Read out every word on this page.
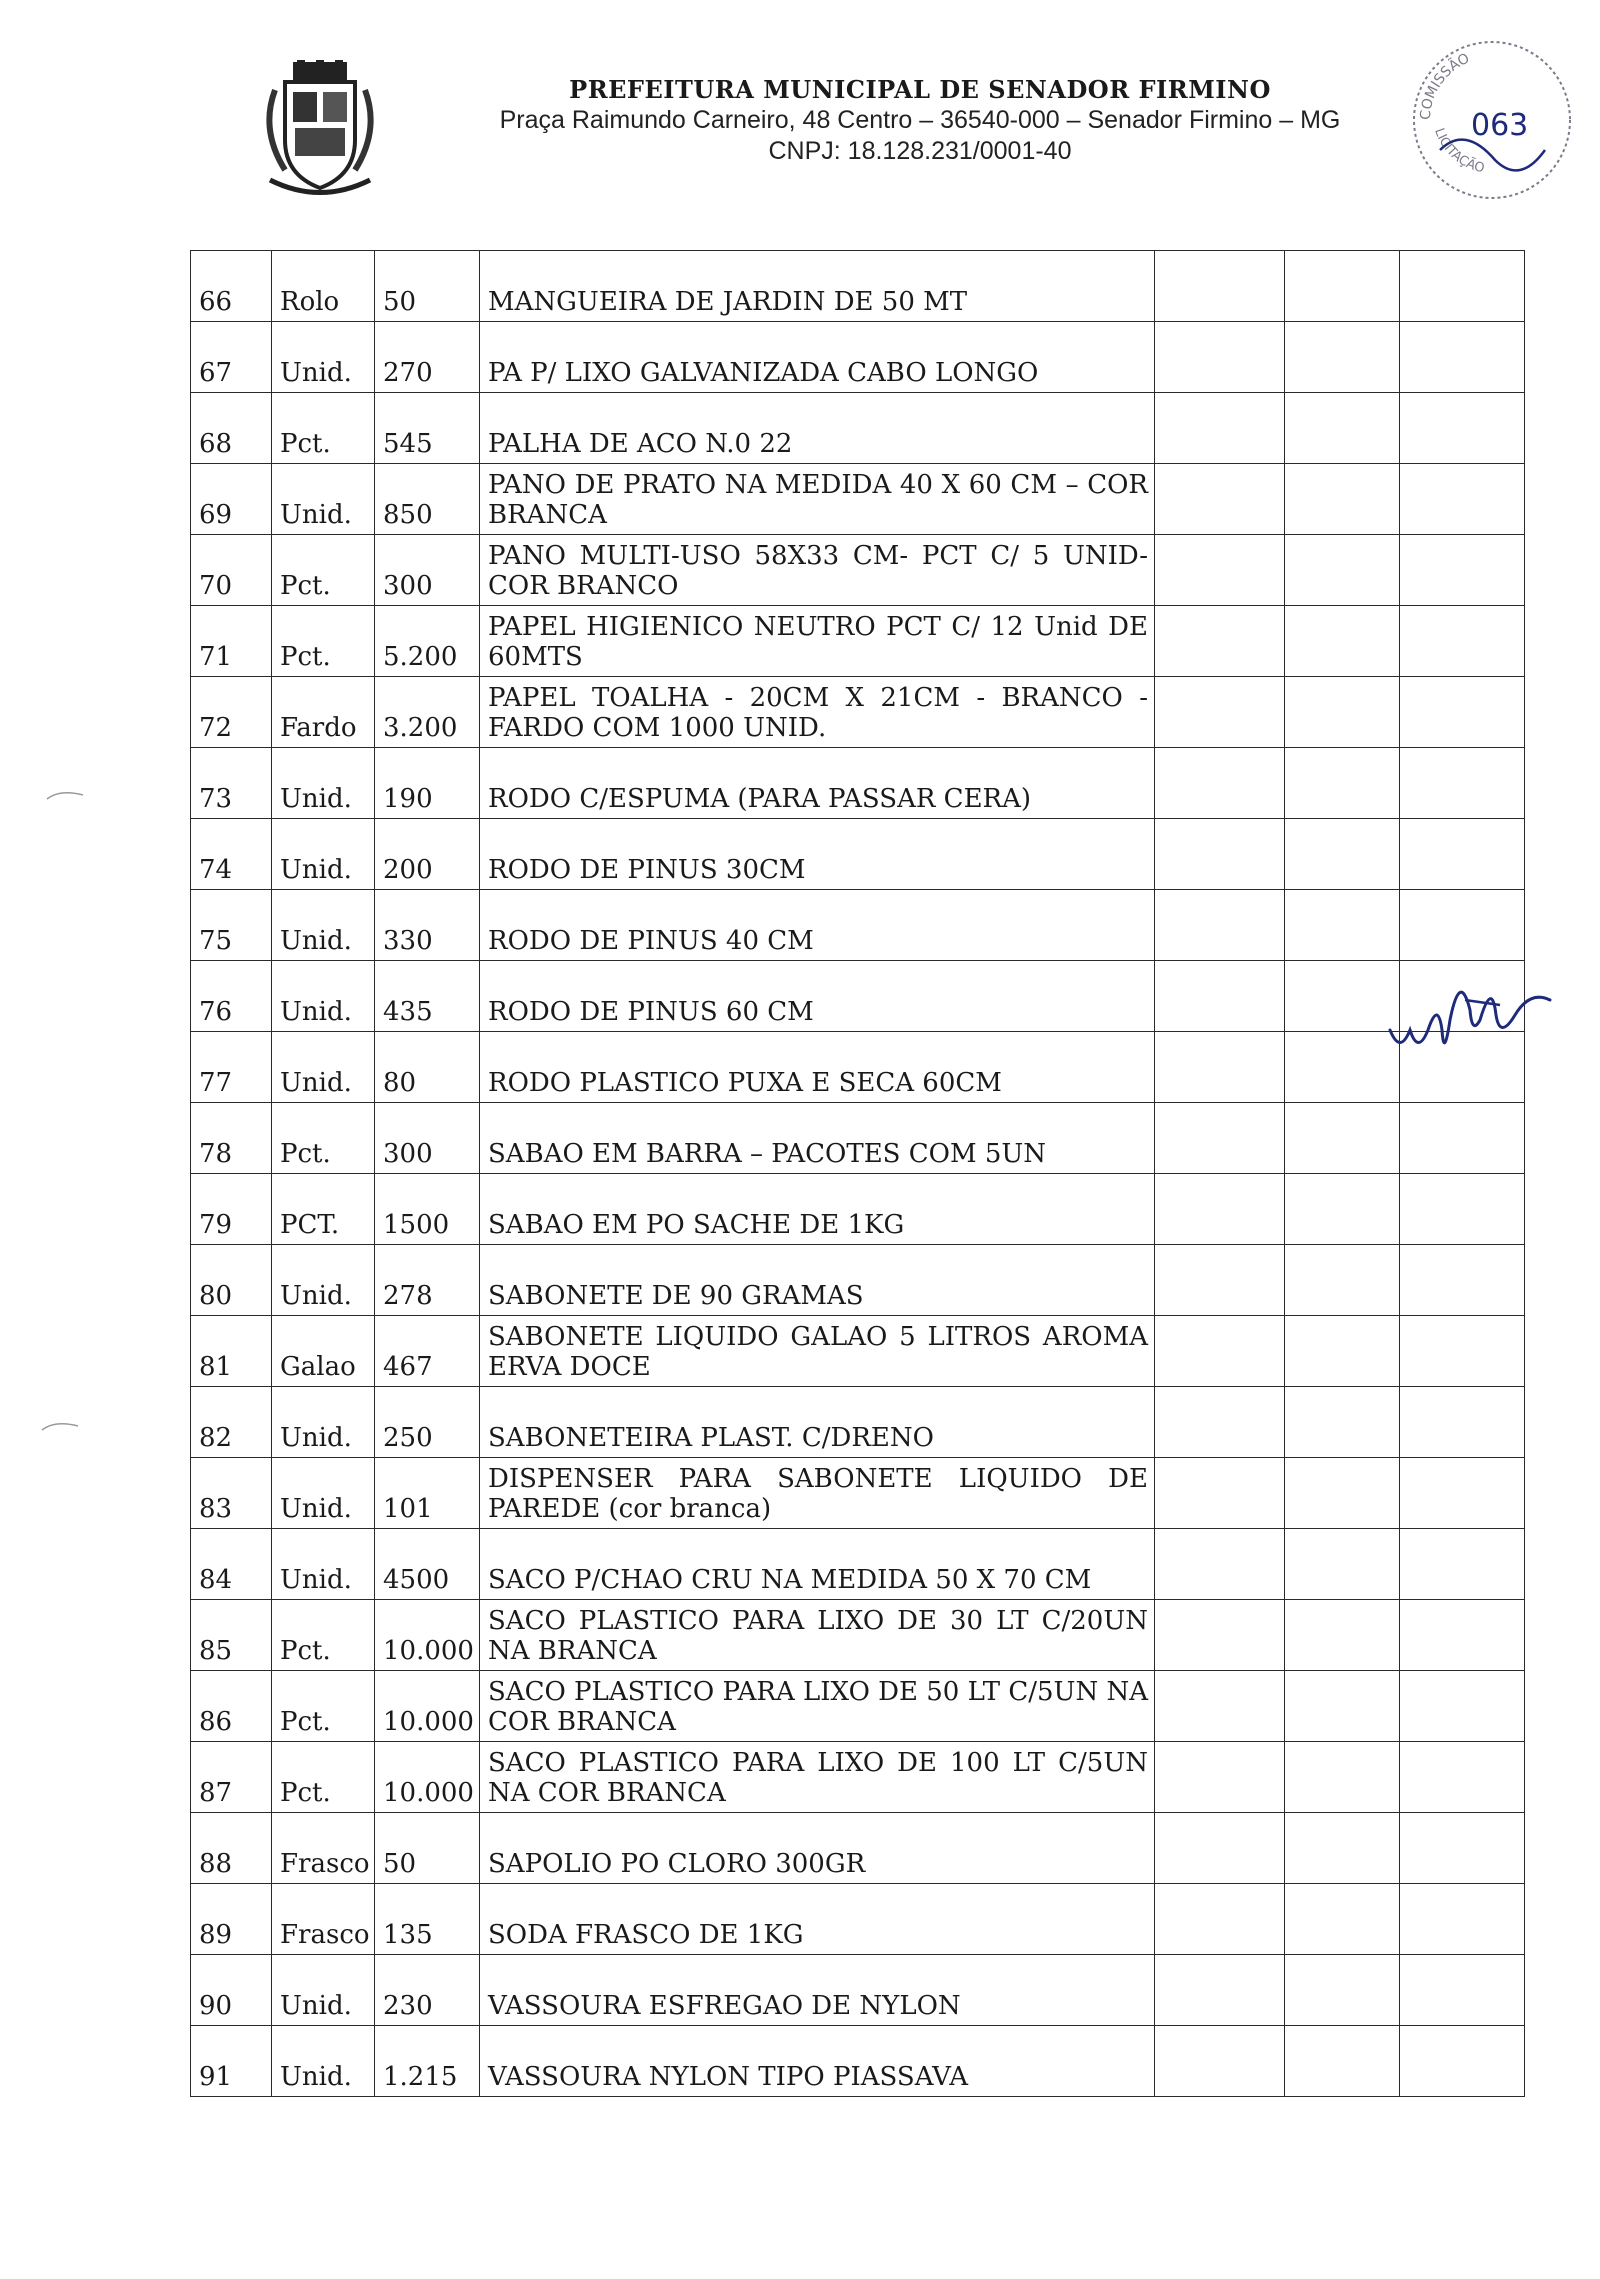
PREFEITURA MUNICIPAL DE SENADOR FIRMINO
Praça Raimundo Carneiro, 48 Centro – 36540-000 – Senador Firmino – MG
CNPJ: 18.128.231/0001-40
COMISSÃO
LICITAÇÃO
063
66	Rolo	50	MANGUEIRA DE JARDIN DE 50 MT			
67	Unid.	270	PA P/ LIXO GALVANIZADA CABO LONGO			
68	Pct.	545	PALHA DE ACO N.0 22			
69	Unid.	850	PANO DE PRATO NA MEDIDA 40 X 60 CM – COR BRANCA			
70	Pct.	300	PANO MULTI-USO 58X33 CM- PCT C/ 5 UNID- COR BRANCO			
71	Pct.	5.200	PAPEL HIGIENICO NEUTRO PCT C/ 12 Unid DE 60MTS			
72	Fardo	3.200	PAPEL TOALHA - 20CM X 21CM - BRANCO - FARDO COM 1000 UNID.			
73	Unid.	190	RODO C/ESPUMA (PARA PASSAR CERA)			
74	Unid.	200	RODO DE PINUS 30CM			
75	Unid.	330	RODO DE PINUS 40 CM			
76	Unid.	435	RODO DE PINUS 60 CM			
77	Unid.	80	RODO PLASTICO PUXA E SECA 60CM			
78	Pct.	300	SABAO EM BARRA – PACOTES COM 5UN			
79	PCT.	1500	SABAO EM PO SACHE DE 1KG			
80	Unid.	278	SABONETE DE 90 GRAMAS			
81	Galao	467	SABONETE LIQUIDO GALAO 5 LITROS AROMA ERVA DOCE			
82	Unid.	250	SABONETEIRA PLAST. C/DRENO			
83	Unid.	101	DISPENSER PARA SABONETE LIQUIDO DE PAREDE (cor branca)			
84	Unid.	4500	SACO P/CHAO CRU NA MEDIDA 50 X 70 CM			
85	Pct.	10.000	SACO PLASTICO PARA LIXO DE 30 LT C/20UN NA BRANCA			
86	Pct.	10.000	SACO PLASTICO PARA LIXO DE 50 LT C/5UN NA COR BRANCA			
87	Pct.	10.000	SACO PLASTICO PARA LIXO DE 100 LT C/5UN NA COR BRANCA			
88	Frasco	50	SAPOLIO PO CLORO 300GR			
89	Frasco	135	SODA FRASCO DE 1KG			
90	Unid.	230	VASSOURA ESFREGAO DE NYLON			
91	Unid.	1.215	VASSOURA NYLON TIPO PIASSAVA			
